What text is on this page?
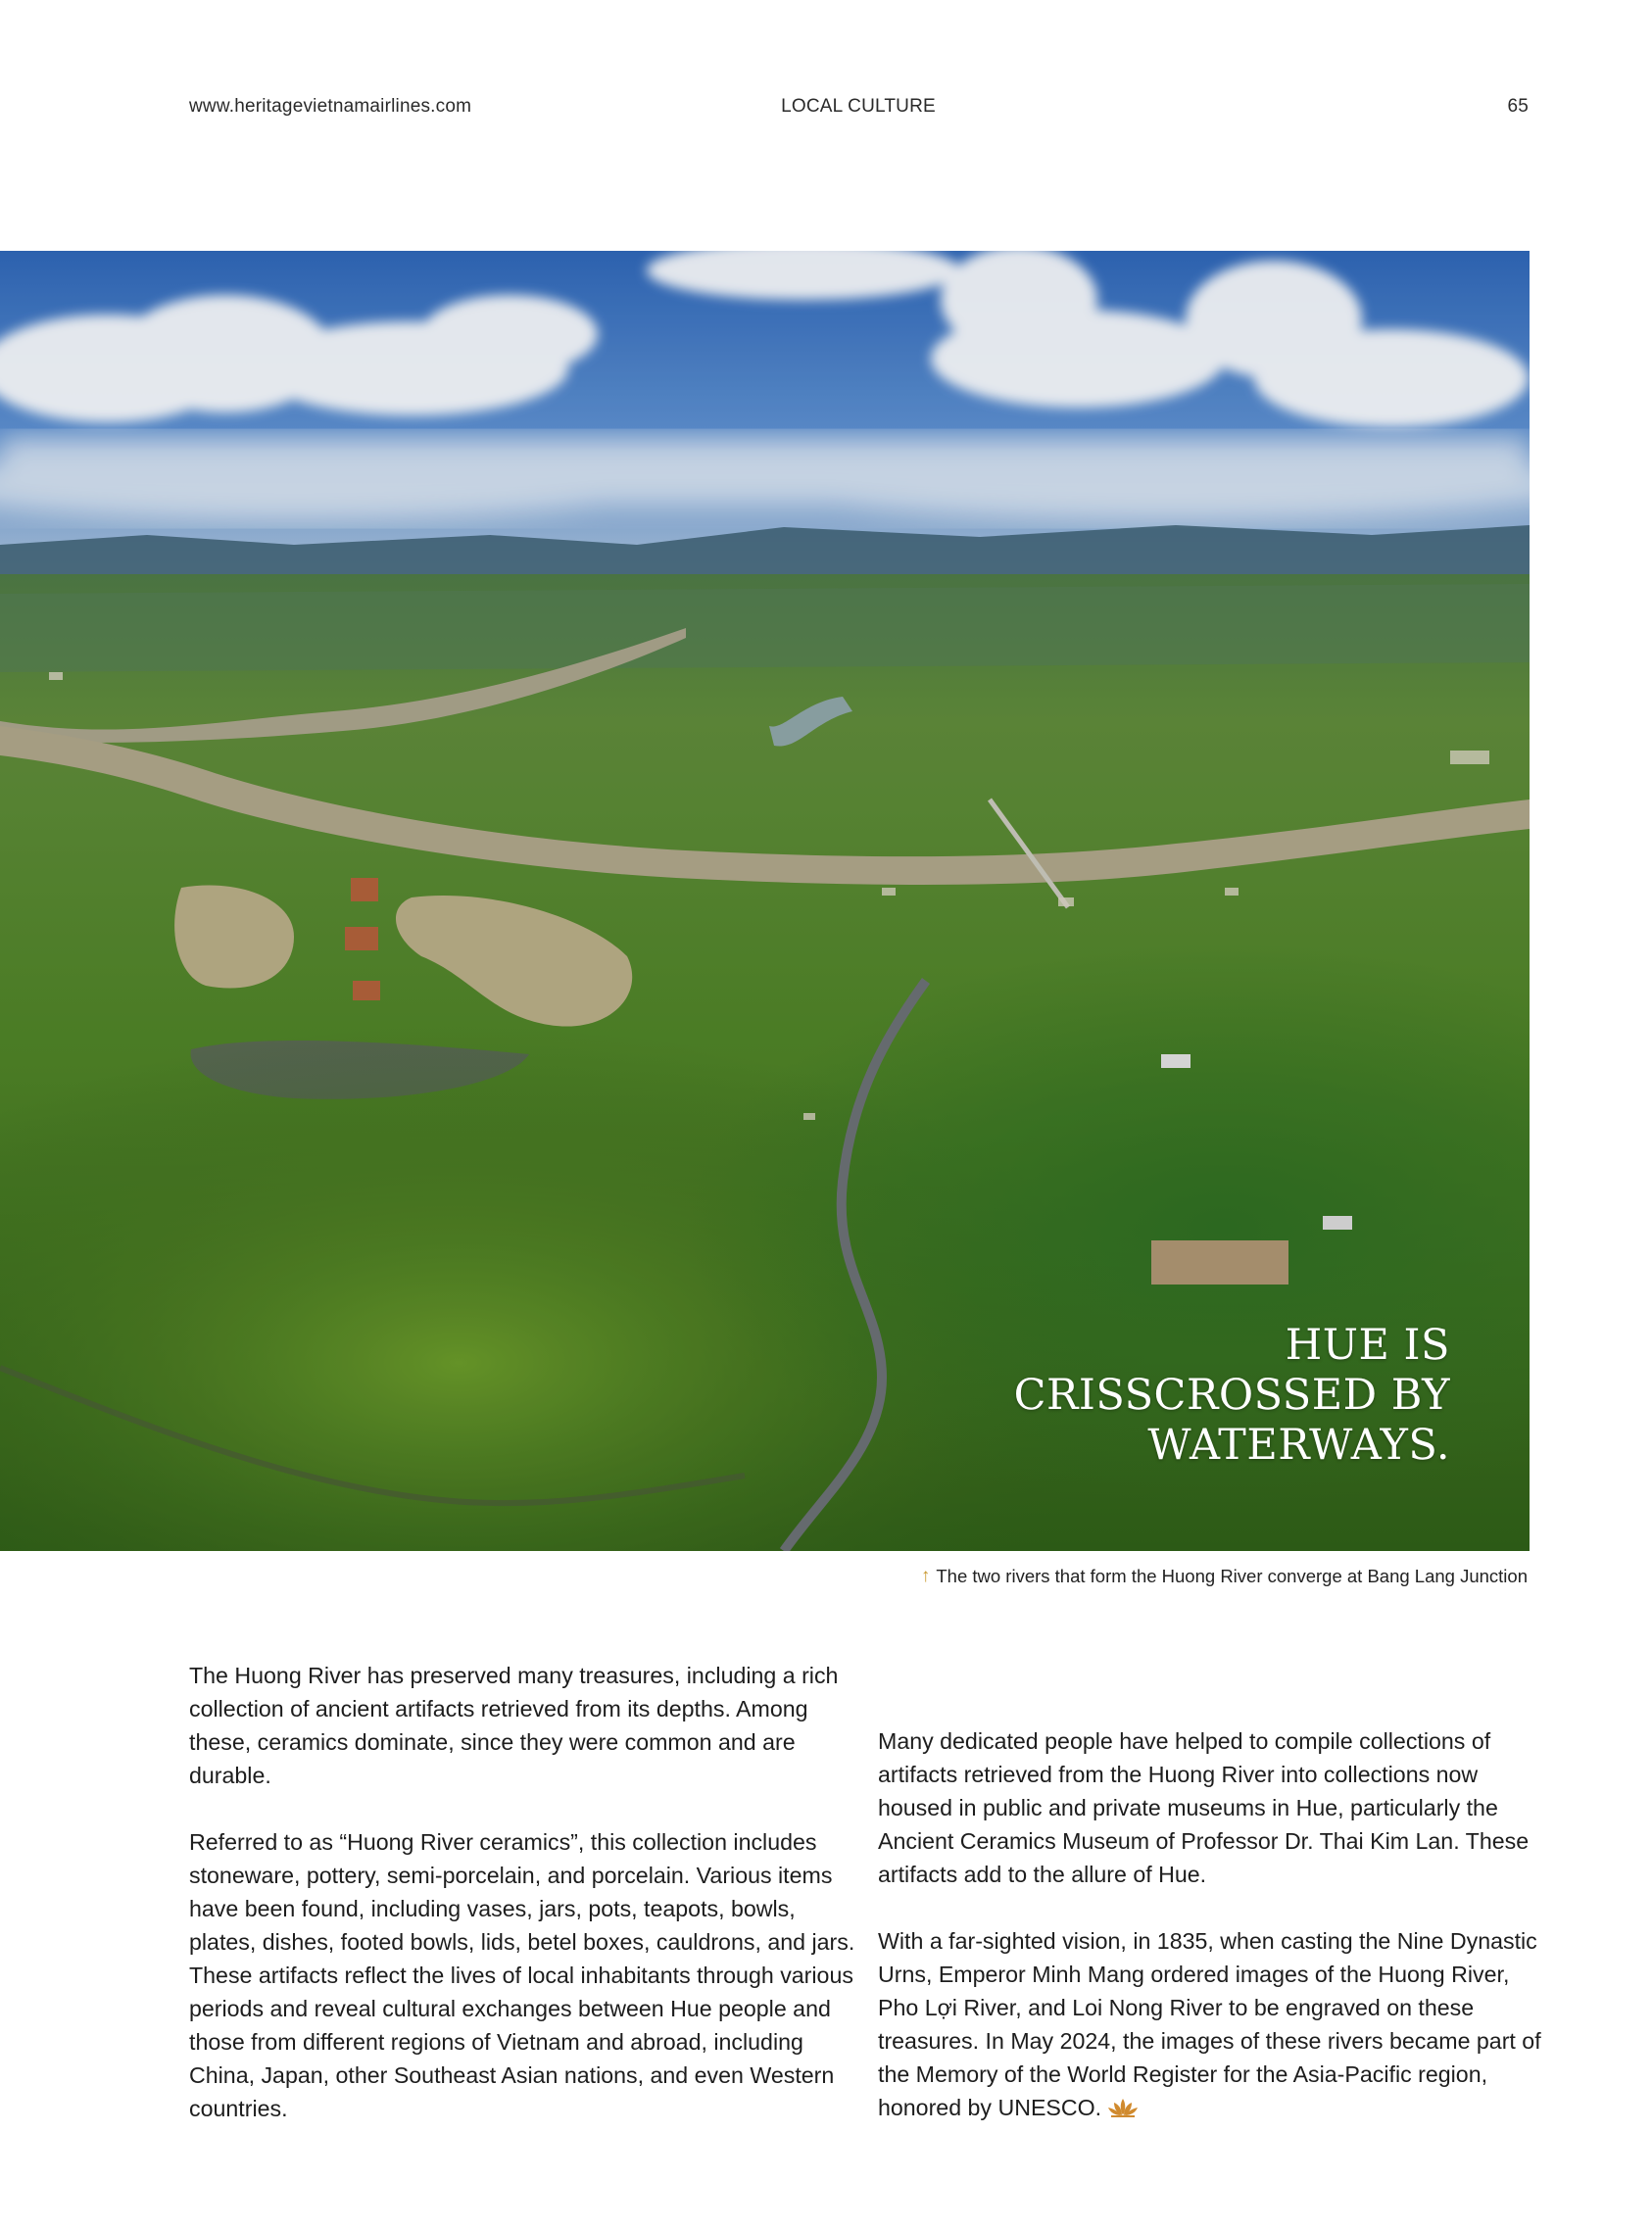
www.heritagevietnamairlines.com	LOCAL CULTURE	65
HUE IS
CRISSCROSSED BY
WATERWAYS.
↑ The two rivers that form the Huong River converge at Bang Lang Junction

The Huong River has preserved many treasures, including a rich collection of ancient artifacts retrieved from its depths. Among these, ceramics dominate, since they were common and are durable.

Referred to as “Huong River ceramics”, this collection includes stoneware, pottery, semi-porcelain, and porcelain. Various items have been found, including vases, jars, pots, teapots, bowls, plates, dishes, footed bowls, lids, betel boxes, cauldrons, and jars. These artifacts reflect the lives of local inhabitants through various periods and reveal cultural exchanges between Hue people and those from different regions of Vietnam and abroad, including China, Japan, other Southeast Asian nations, and even Western countries.

Many dedicated people have helped to compile collections of artifacts retrieved from the Huong River into collections now housed in public and private museums in Hue, particularly the Ancient Ceramics Museum of Professor Dr. Thai Kim Lan. These artifacts add to the allure of Hue.

With a far-sighted vision, in 1835, when casting the Nine Dynastic Urns, Emperor Minh Mang ordered images of the Huong River, Pho Lợi River, and Loi Nong River to be engraved on these treasures. In May 2024, the images of these rivers became part of the Memory of the World Register for the Asia-Pacific region, honored by UNESCO.
